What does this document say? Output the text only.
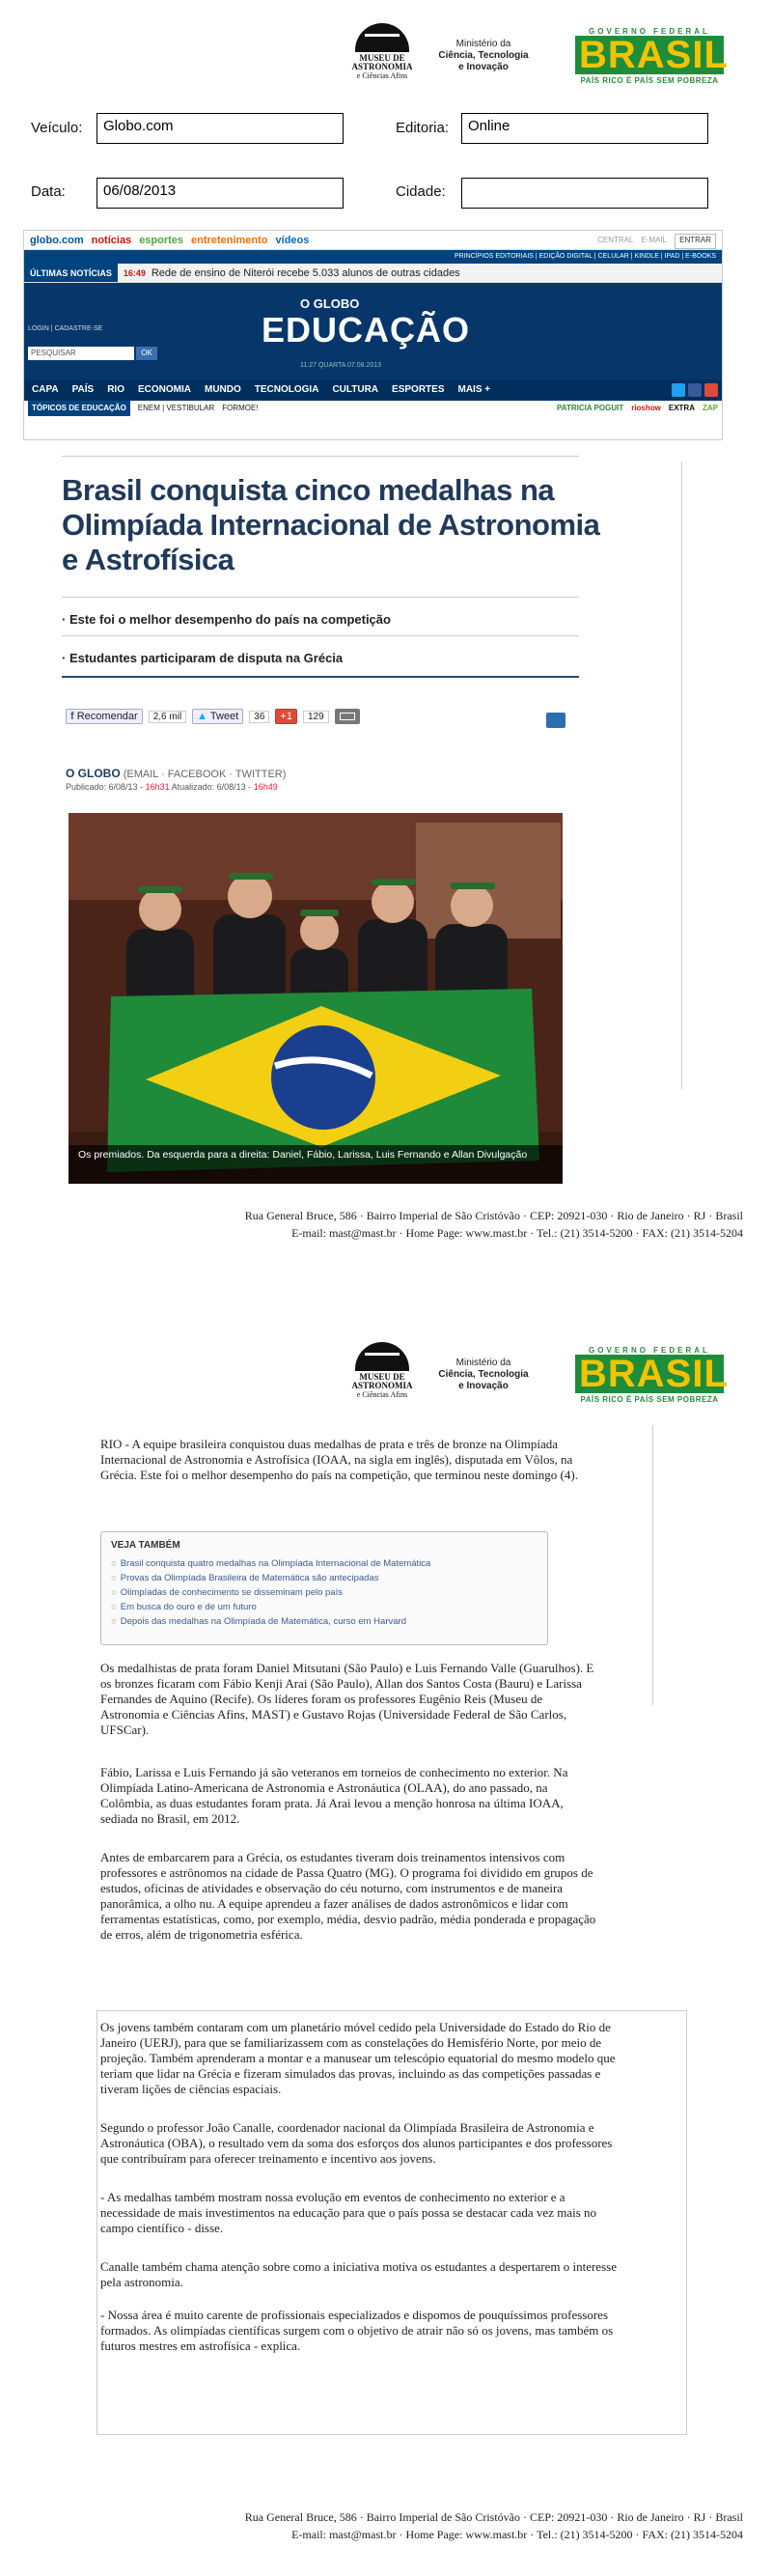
MUSEU DE
ASTRONOMIA
e Ciências Afins
Ministério da
Ciência, Tecnologia
e Inovação
GOVERNO FEDERAL
BRASIL
PAÍS RICO É PAÍS SEM POBREZA
Veículo:	Globo.com	Editoria:	Online
Data:	06/08/2013	Cidade:
globo.com notícias esportes entretenimento vídeos	CENTRAL E-MAIL	ENTRAR
PRINCÍPIOS EDITORIAIS | EDIÇÃO DIGITAL | CELULAR | KINDLE | IPAD | E-BOOKS
ÚLTIMAS NOTÍCIAS	16:49 Rede de ensino de Niterói recebe 5.033 alunos de outras cidades
LOGIN | CADASTRE-SE
PESQUISAR	OK
O GLOBO
EDUCAÇÃO
11:27 QUARTA 07.08.2013
CAPA PAÍS RIO ECONOMIA MUNDO TECNOLOGIA CULTURA ESPORTES MAIS +
TÓPICOS DE EDUCAÇÃO	ENEM | VESTIBULAR FORMOE!	PATRICIA POGUIT rioshow EXTRA ZAP
Brasil conquista cinco medalhas na Olimpíada Internacional de Astronomia e Astrofísica
· Este foi o melhor desempenho do país na competição
· Estudantes participaram de disputa na Grécia
f Recomendar	2,6 mil	▲ Tweet	36	+1	129
O GLOBO (EMAIL · FACEBOOK · TWITTER)
Publicado: 6/08/13 - 16h31 Atualizado: 6/08/13 - 16h49
Os premiados. Da esquerda para a direita: Daniel, Fábio, Larissa, Luis Fernando e Allan Divulgação
Rua General Bruce, 586 · Bairro Imperial de São Cristóvão · CEP: 20921-030 · Rio de Janeiro · RJ · Brasil
E-mail: mast@mast.br · Home Page: www.mast.br · Tel.: (21) 3514-5200 · FAX: (21) 3514-5204
MUSEU DE
ASTRONOMIA
e Ciências Afins
Ministério da
Ciência, Tecnologia
e Inovação
GOVERNO FEDERAL
BRASIL
PAÍS RICO É PAÍS SEM POBREZA
RIO - A equipe brasileira conquistou duas medalhas de prata e três de bronze na Olimpíada Internacional de Astronomia e Astrofísica (IOAA, na sigla em inglês), disputada em Vôlos, na Grécia. Este foi o melhor desempenho do país na competição, que terminou neste domingo (4).
VEJA TAMBÉM
○ Brasil conquista quatro medalhas na Olimpíada Internacional de Matemática
○ Provas da Olimpíada Brasileira de Matemática são antecipadas
○ Olimpíadas de conhecimento se disseminam pelo país
○ Em busca do ouro e de um futuro
○ Depois das medalhas na Olimpíada de Matemática, curso em Harvard
Os medalhistas de prata foram Daniel Mitsutani (São Paulo) e Luis Fernando Valle (Guarulhos). E os bronzes ficaram com Fábio Kenji Arai (São Paulo), Allan dos Santos Costa (Bauru) e Larissa Fernandes de Aquino (Recife). Os líderes foram os professores Eugênio Reis (Museu de Astronomia e Ciências Afins, MAST) e Gustavo Rojas (Universidade Federal de São Carlos, UFSCar).
Fábio, Larissa e Luis Fernando já são veteranos em torneios de conhecimento no exterior. Na Olimpíada Latino-Americana de Astronomia e Astronáutica (OLAA), do ano passado, na Colômbia, as duas estudantes foram prata. Já Arai levou a menção honrosa na última IOAA, sediada no Brasil, em 2012.
Antes de embarcarem para a Grécia, os estudantes tiveram dois treinamentos intensivos com professores e astrônomos na cidade de Passa Quatro (MG). O programa foi dividido em grupos de estudos, oficinas de atividades e observação do céu noturno, com instrumentos e de maneira panorâmica, a olho nu. A equipe aprendeu a fazer análises de dados astronômicos e lidar com ferramentas estatísticas, como, por exemplo, média, desvio padrão, média ponderada e propagação de erros, além de trigonometria esférica.
Os jovens também contaram com um planetário móvel cedido pela Universidade do Estado do Rio de Janeiro (UERJ), para que se familiarizassem com as constelações do Hemisfério Norte, por meio de projeção. Também aprenderam a montar e a manusear um telescópio equatorial do mesmo modelo que teriam que lidar na Grécia e fizeram simulados das provas, incluindo as das competições passadas e tiveram lições de ciências espaciais.
Segundo o professor João Canalle, coordenador nacional da Olimpíada Brasileira de Astronomia e Astronáutica (OBA), o resultado vem da soma dos esforços dos alunos participantes e dos professores que contribuíram para oferecer treinamento e incentivo aos jovens.
- As medalhas também mostram nossa evolução em eventos de conhecimento no exterior e a necessidade de mais investimentos na educação para que o país possa se destacar cada vez mais no campo científico - disse.
Canalle também chama atenção sobre como a iniciativa motiva os estudantes a despertarem o interesse pela astronomia.
- Nossa área é muito carente de profissionais especializados e dispomos de pouquíssimos professores formados. As olimpíadas científicas surgem com o objetivo de atrair não só os jovens, mas também os futuros mestres em astrofísica - explica.
Rua General Bruce, 586 · Bairro Imperial de São Cristóvão · CEP: 20921-030 · Rio de Janeiro · RJ · Brasil
E-mail: mast@mast.br · Home Page: www.mast.br · Tel.: (21) 3514-5200 · FAX: (21) 3514-5204
